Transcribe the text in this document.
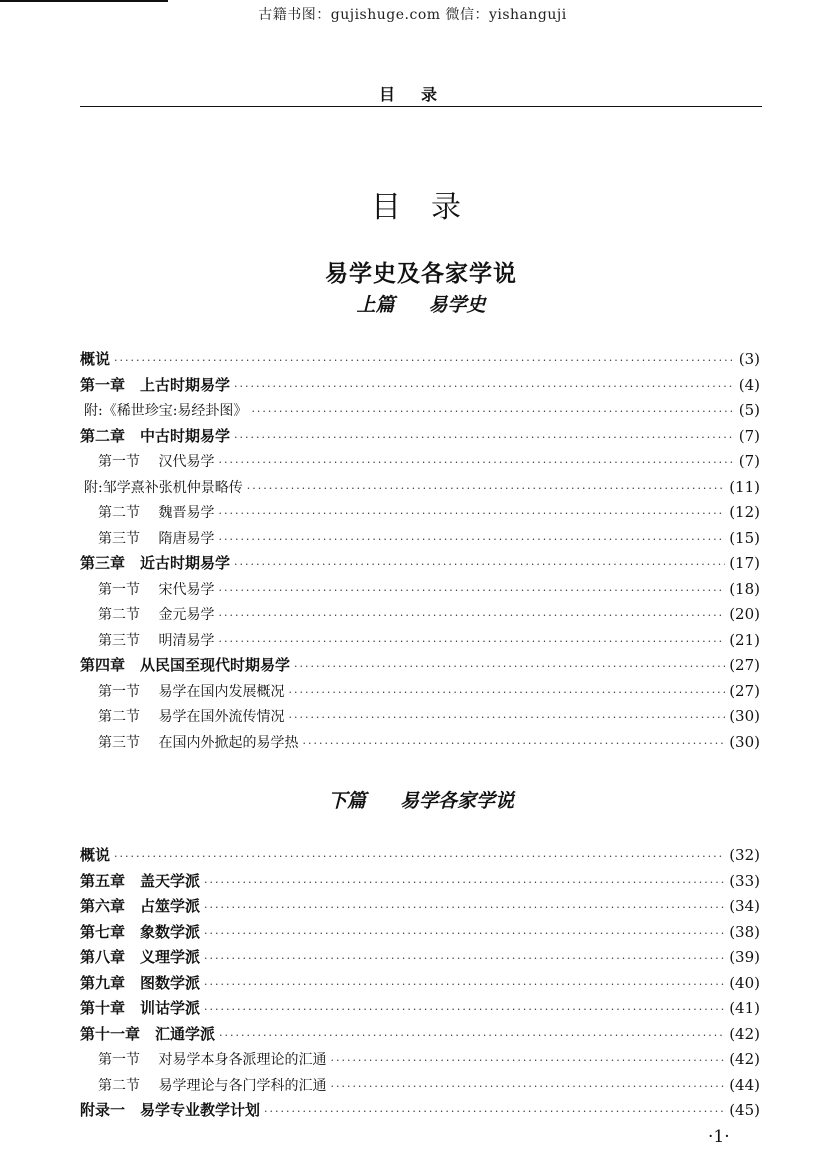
古籍书图：gujishuge.com 微信：yishanguji
目录
目录
易学史及各家学说
上篇 易学史
概说 ·····	(3)
第一章　上古时期易学 ·····	(4)
附:《稀世珍宝:易经卦图》 ·····	(5)
第二章　中古时期易学 ·····	(7)
第一节　 汉代易学 ·····	(7)
附:邹学熹补张机仲景略传 ·····	(11)
第二节　 魏晋易学 ·····	(12)
第三节　 隋唐易学 ·····	(15)
第三章　近古时期易学 ·····	(17)
第一节　 宋代易学 ·····	(18)
第二节　 金元易学 ·····	(20)
第三节　 明清易学 ·····	(21)
第四章　从民国至现代时期易学 ·····	(27)
第一节　 易学在国内发展概况 ·····	(27)
第二节　 易学在国外流传情况 ·····	(30)
第三节　 在国内外掀起的易学热 ·····	(30)
下篇 易学各家学说
概说 ·····	(32)
第五章　盖天学派 ·····	(33)
第六章　占筮学派 ·····	(34)
第七章　象数学派 ·····	(38)
第八章　义理学派 ·····	(39)
第九章　图数学派 ·····	(40)
第十章　训诂学派 ·····	(41)
第十一章　汇通学派 ·····	(42)
第一节　 对易学本身各派理论的汇通 ·····	(42)
第二节　 易学理论与各门学科的汇通 ·····	(44)
附录一　易学专业教学计划 ·····	(45)
·1·
